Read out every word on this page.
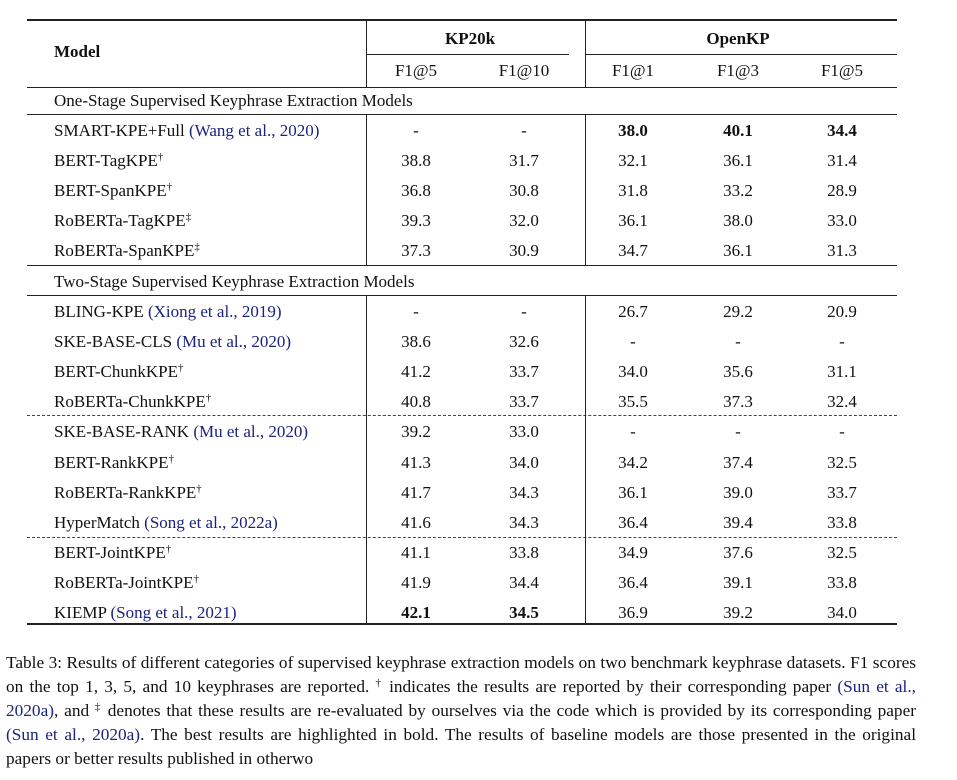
Model
KP20k	OpenKP
F1@5	F1@10	F1@1	F1@3	F1@5
One-Stage Supervised Keyphrase Extraction Models
SMART-KPE+Full (Wang et al., 2020)	-	-	38.0	40.1	34.4
BERT-TagKPE†	38.8	31.7	32.1	36.1	31.4
BERT-SpanKPE†	36.8	30.8	31.8	33.2	28.9
RoBERTa-TagKPE‡	39.3	32.0	36.1	38.0	33.0
RoBERTa-SpanKPE‡	37.3	30.9	34.7	36.1	31.3
Two-Stage Supervised Keyphrase Extraction Models
BLING-KPE (Xiong et al., 2019)	-	-	26.7	29.2	20.9
SKE-BASE-CLS (Mu et al., 2020)	38.6	32.6	-	-	-
BERT-ChunkKPE†	41.2	33.7	34.0	35.6	31.1
RoBERTa-ChunkKPE†	40.8	33.7	35.5	37.3	32.4
SKE-BASE-RANK (Mu et al., 2020)	39.2	33.0	-	-	-
BERT-RankKPE†	41.3	34.0	34.2	37.4	32.5
RoBERTa-RankKPE†	41.7	34.3	36.1	39.0	33.7
HyperMatch (Song et al., 2022a)	41.6	34.3	36.4	39.4	33.8
BERT-JointKPE†	41.1	33.8	34.9	37.6	32.5
RoBERTa-JointKPE†	41.9	34.4	36.4	39.1	33.8
KIEMP (Song et al., 2021)	42.1	34.5	36.9	39.2	34.0
Table 3: Results of different categories of supervised keyphrase extraction models on two benchmark keyphrase datasets. F1 scores on the top 1, 3, 5, and 10 keyphrases are reported. † indicates the results are reported by their corresponding paper (Sun et al., 2020a), and ‡ denotes that these results are re-evaluated by ourselves via the code which is provided by its corresponding paper (Sun et al., 2020a). The best results are highlighted in bold. The results of baseline models are those presented in the original papers or better results published in otherwo
